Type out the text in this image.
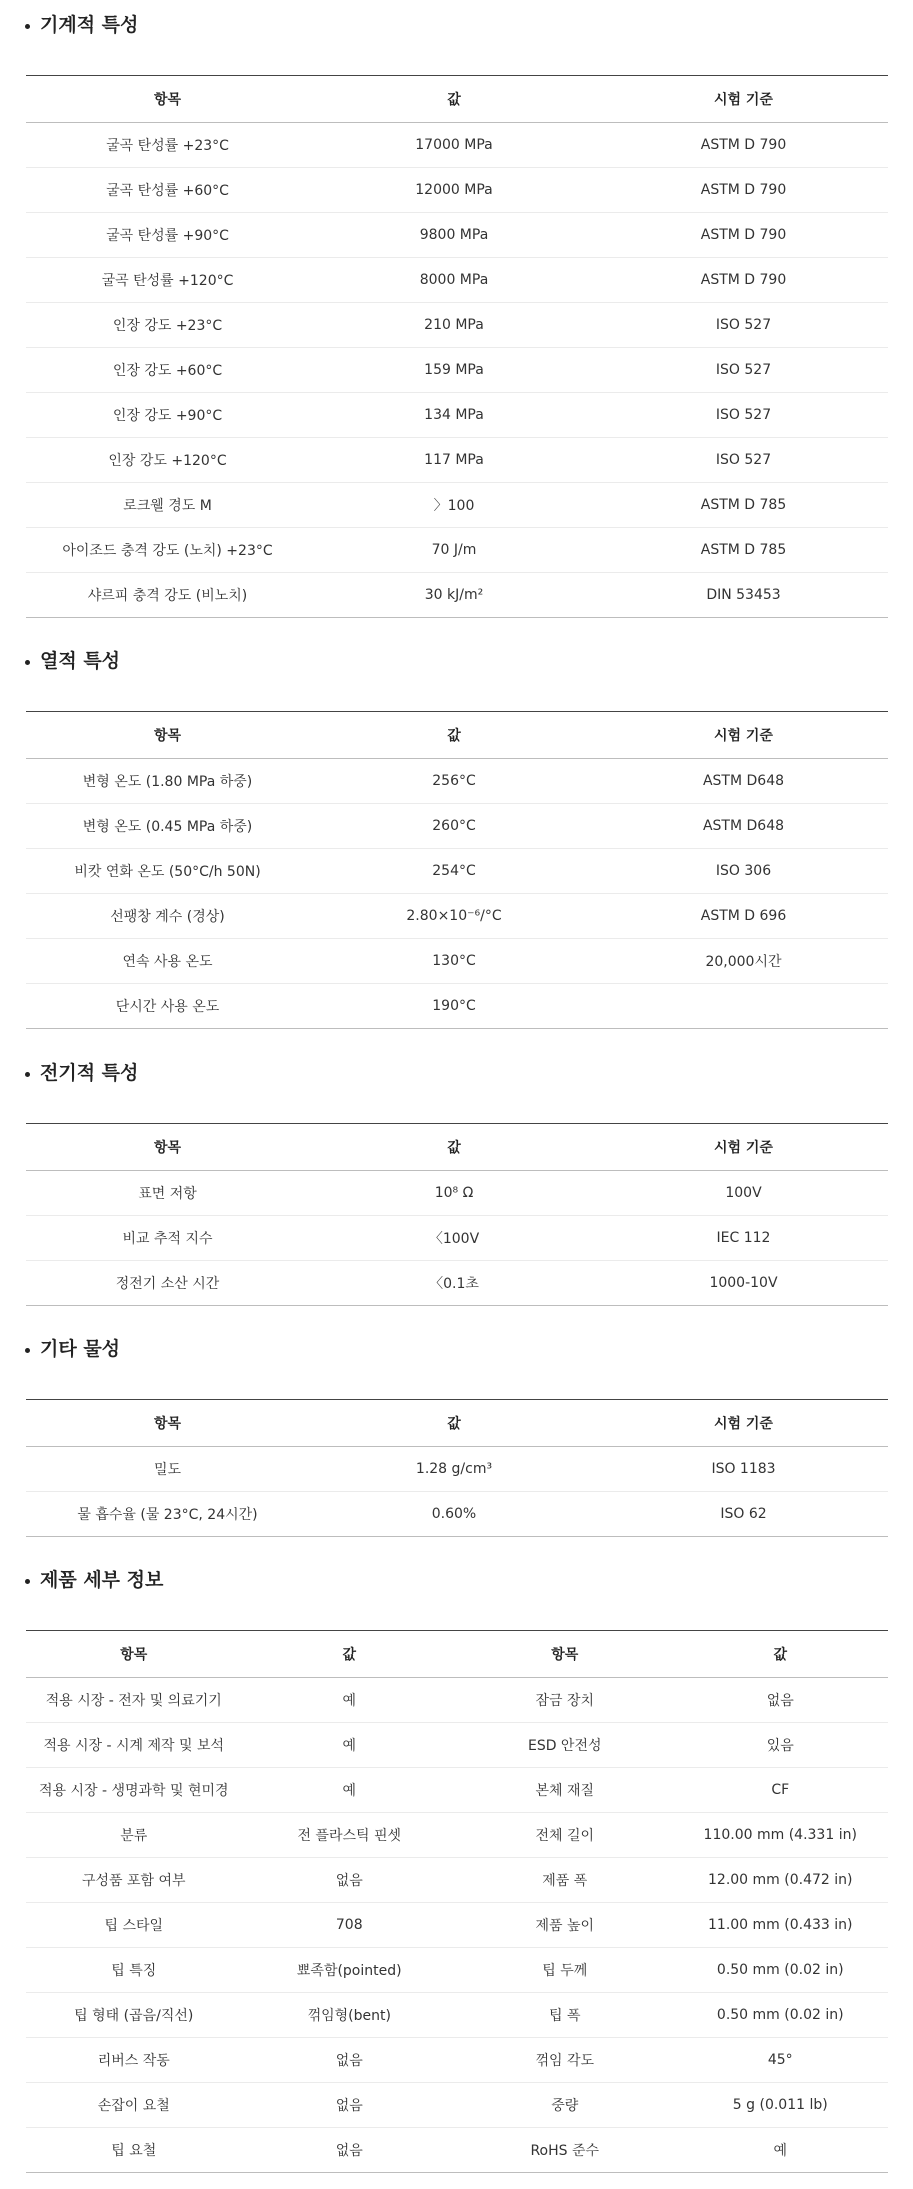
기계적 특성
항목	값	시험 기준
굴곡 탄성률 +23°C	17000 MPa	ASTM D 790
굴곡 탄성률 +60°C	12000 MPa	ASTM D 790
굴곡 탄성률 +90°C	9800 MPa	ASTM D 790
굴곡 탄성률 +120°C	8000 MPa	ASTM D 790
인장 강도 +23°C	210 MPa	ISO 527
인장 강도 +60°C	159 MPa	ISO 527
인장 강도 +90°C	134 MPa	ISO 527
인장 강도 +120°C	117 MPa	ISO 527
로크웰 경도 M	〉100	ASTM D 785
아이조드 충격 강도 (노치) +23°C	70 J/m	ASTM D 785
샤르피 충격 강도 (비노치)	30 kJ/m²	DIN 53453
열적 특성
항목	값	시험 기준
변형 온도 (1.80 MPa 하중)	256°C	ASTM D648
변형 온도 (0.45 MPa 하중)	260°C	ASTM D648
비캇 연화 온도 (50°C/h 50N)	254°C	ISO 306
선팽창 계수 (경상)	2.80×10⁻⁶/°C	ASTM D 696
연속 사용 온도	130°C	20,000시간
단시간 사용 온도	190°C	
전기적 특성
항목	값	시험 기준
표면 저항	10⁸ Ω	100V
비교 추적 지수	〈100V	IEC 112
정전기 소산 시간	〈0.1초	1000-10V
기타 물성
항목	값	시험 기준
밀도	1.28 g/cm³	ISO 1183
물 흡수율 (물 23°C, 24시간)	0.60%	ISO 62
제품 세부 정보
항목	값	항목	값
적용 시장 - 전자 및 의료기기	예	잠금 장치	없음
적용 시장 - 시계 제작 및 보석	예	ESD 안전성	있음
적용 시장 - 생명과학 및 현미경	예	본체 재질	CF
분류	전 플라스틱 핀셋	전체 길이	110.00 mm (4.331 in)
구성품 포함 여부	없음	제품 폭	12.00 mm (0.472 in)
팁 스타일	708	제품 높이	11.00 mm (0.433 in)
팁 특징	뾰족함(pointed)	팁 두께	0.50 mm (0.02 in)
팁 형태 (곱음/직선)	꺾임형(bent)	팁 폭	0.50 mm (0.02 in)
리버스 작동	없음	꺾임 각도	45°
손잡이 요철	없음	중량	5 g (0.011 lb)
팁 요철	없음	RoHS 준수	예
